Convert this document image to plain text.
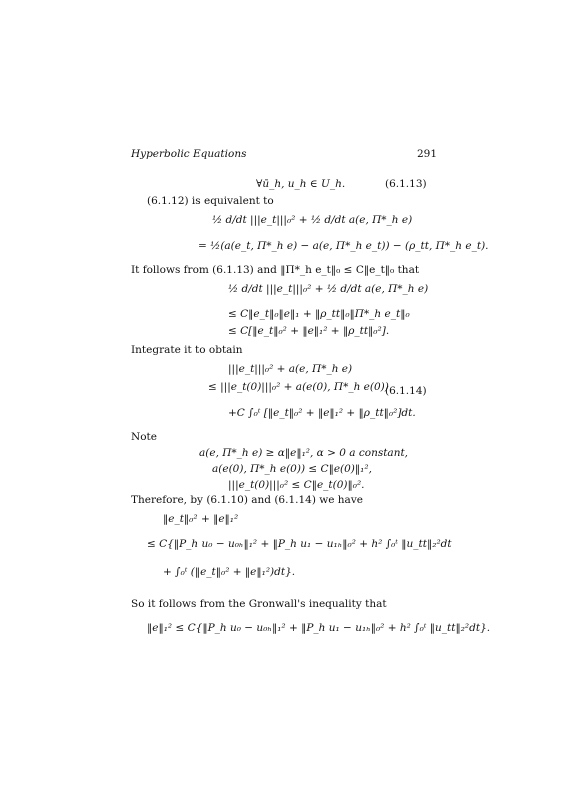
Hyperbolic Equations	291
∀ū_h, u_h ∈ U_h.	(6.1.13)
(6.1.12) is equivalent to
½ d/dt |||e_t|||₀² + ½ d/dt a(e, Π*_h e)
= ½(a(e_t, Π*_h e) − a(e, Π*_h e_t)) − (ρ_tt, Π*_h e_t).
It follows from (6.1.13) and ‖Π*_h e_t‖₀ ≤ C‖e_t‖₀ that
½ d/dt |||e_t|||₀² + ½ d/dt a(e, Π*_h e)
≤ C‖e_t‖₀‖e‖₁ + ‖ρ_tt‖₀‖Π*_h e_t‖₀
≤ C[‖e_t‖₀² + ‖e‖₁² + ‖ρ_tt‖₀²].
Integrate it to obtain
|||e_t|||₀² + a(e, Π*_h e)
≤ |||e_t(0)|||₀² + a(e(0), Π*_h e(0))
+C ∫₀ᵗ [‖e_t‖₀² + ‖e‖₁² + ‖ρ_tt‖₀²]dt.
(6.1.14)
Note
a(e, Π*_h e) ≥ α‖e‖₁², α > 0 a constant,
a(e(0), Π*_h e(0)) ≤ C‖e(0)‖₁²,
|||e_t(0)|||₀² ≤ C‖e_t(0)‖₀².
Therefore, by (6.1.10) and (6.1.14) we have
‖e_t‖₀² + ‖e‖₁²
≤ C{‖P_h u₀ − u₀ₕ‖₁² + ‖P_h u₁ − u₁ₕ‖₀² + h² ∫₀ᵗ ‖u_tt‖₂²dt
+ ∫₀ᵗ (‖e_t‖₀² + ‖e‖₁²)dt}.
So it follows from the Gronwall's inequality that
‖e‖₁² ≤ C{‖P_h u₀ − u₀ₕ‖₁² + ‖P_h u₁ − u₁ₕ‖₀² + h² ∫₀ᵗ ‖u_tt‖₂²dt}.
